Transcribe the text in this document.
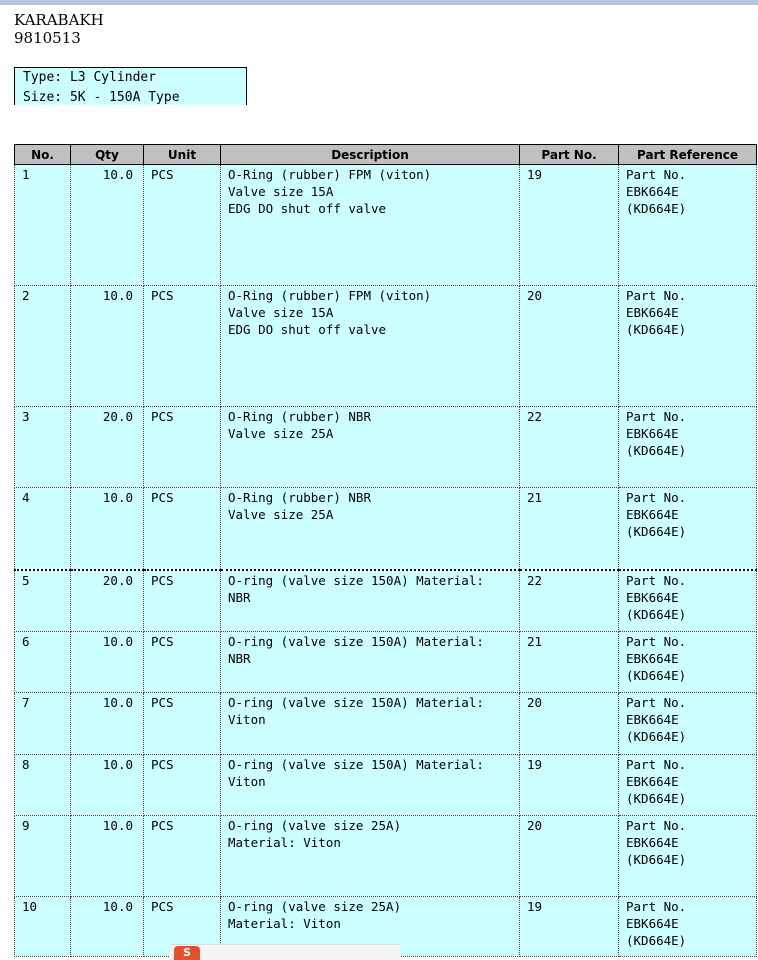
KARABAKH
9810513
Type: L3 Cylinder
Size: 5K - 150A Type
No.	Qty	Unit	Description	Part No.	Part Reference
1	10.0	PCS	O-Ring (rubber) FPM (viton)
Valve size 15A
EDG DO shut off valve	19	Part No.
EBK664E
(KD664E)
2	10.0	PCS	O-Ring (rubber) FPM (viton)
Valve size 15A
EDG DO shut off valve	20	Part No.
EBK664E
(KD664E)
3	20.0	PCS	O-Ring (rubber) NBR
Valve size 25A	22	Part No.
EBK664E
(KD664E)
4	10.0	PCS	O-Ring (rubber) NBR
Valve size 25A	21	Part No.
EBK664E
(KD664E)
5	20.0	PCS	O-ring (valve size 150A) Material:
NBR	22	Part No.
EBK664E
(KD664E)
6	10.0	PCS	O-ring (valve size 150A) Material:
NBR	21	Part No.
EBK664E
(KD664E)
7	10.0	PCS	O-ring (valve size 150A) Material:
Viton	20	Part No.
EBK664E
(KD664E)
8	10.0	PCS	O-ring (valve size 150A) Material:
Viton	19	Part No.
EBK664E
(KD664E)
9	10.0	PCS	O-ring (valve size 25A)
Material: Viton	20	Part No.
EBK664E
(KD664E)
10	10.0	PCS	O-ring (valve size 25A)
Material: Viton	19	Part No.
EBK664E
(KD664E)
S
